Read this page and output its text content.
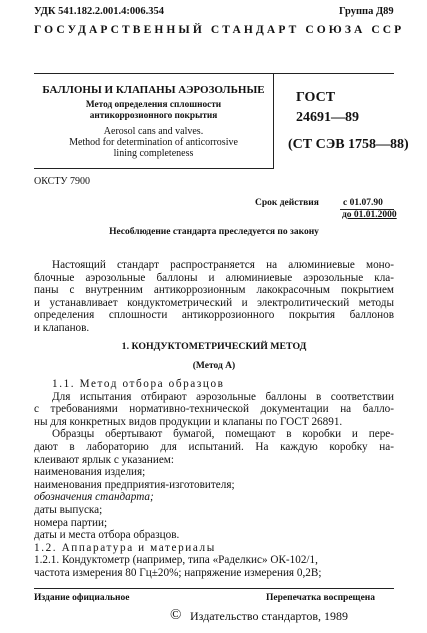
УДК 541.182.2.001.4:006.354	Группа Д89
ГОСУДАРСТВЕННЫЙ СТАНДАРТ СОЮЗА ССР
БАЛЛОНЫ И КЛАПАНЫ АЭРОЗОЛЬНЫЕ
Метод определения сплошности
антикоррозионного покрытия
Aerosol cans and valves.
Method for determination of anticorrosive
lining completeness
ГОСТ
24691—89
(СТ СЭВ 1758—88)
ОКСТУ 7900
Срок действия	с 01.07.90
до 01.01.2000
Несоблюдение стандарта преследуется по закону
Настоящий стандарт распространяется на алюминиевые моно-
блочные аэрозольные баллоны и алюминиевые аэрозольные кла-
паны с внутренним антикоррозионным лакокрасочным покрытием
и устанавливает кондуктометрический и электролитический методы
определения сплошности антикоррозионного покрытия баллонов
и клапанов.
1. КОНДУКТОМЕТРИЧЕСКИЙ МЕТОД
(Метод А)
1.1. Метод отбора образцов
Для испытания отбирают аэрозольные баллоны в соответствии
с требованиями нормативно-технической документации на балло-
ны для конкретных видов продукции и клапаны по ГОСТ 26891.
Образцы обертывают бумагой, помещают в коробки и пере-
дают в лабораторию для испытаний. На каждую коробку на-
клеивают ярлык с указанием:
наименования изделия;
наименования предприятия-изготовителя;
обозначения стандарта;
даты выпуска;
номера партии;
даты и места отбора образцов.
1.2. Аппаратура и материалы
1.2.1. Кондуктометр (например, типа «Раделкис» ОК-102/1,
частота измерения 80 Гц±20%; напряжение измерения 0,2В;
Издание официальное	Перепечатка воспрещена
© Издательство стандартов, 1989
